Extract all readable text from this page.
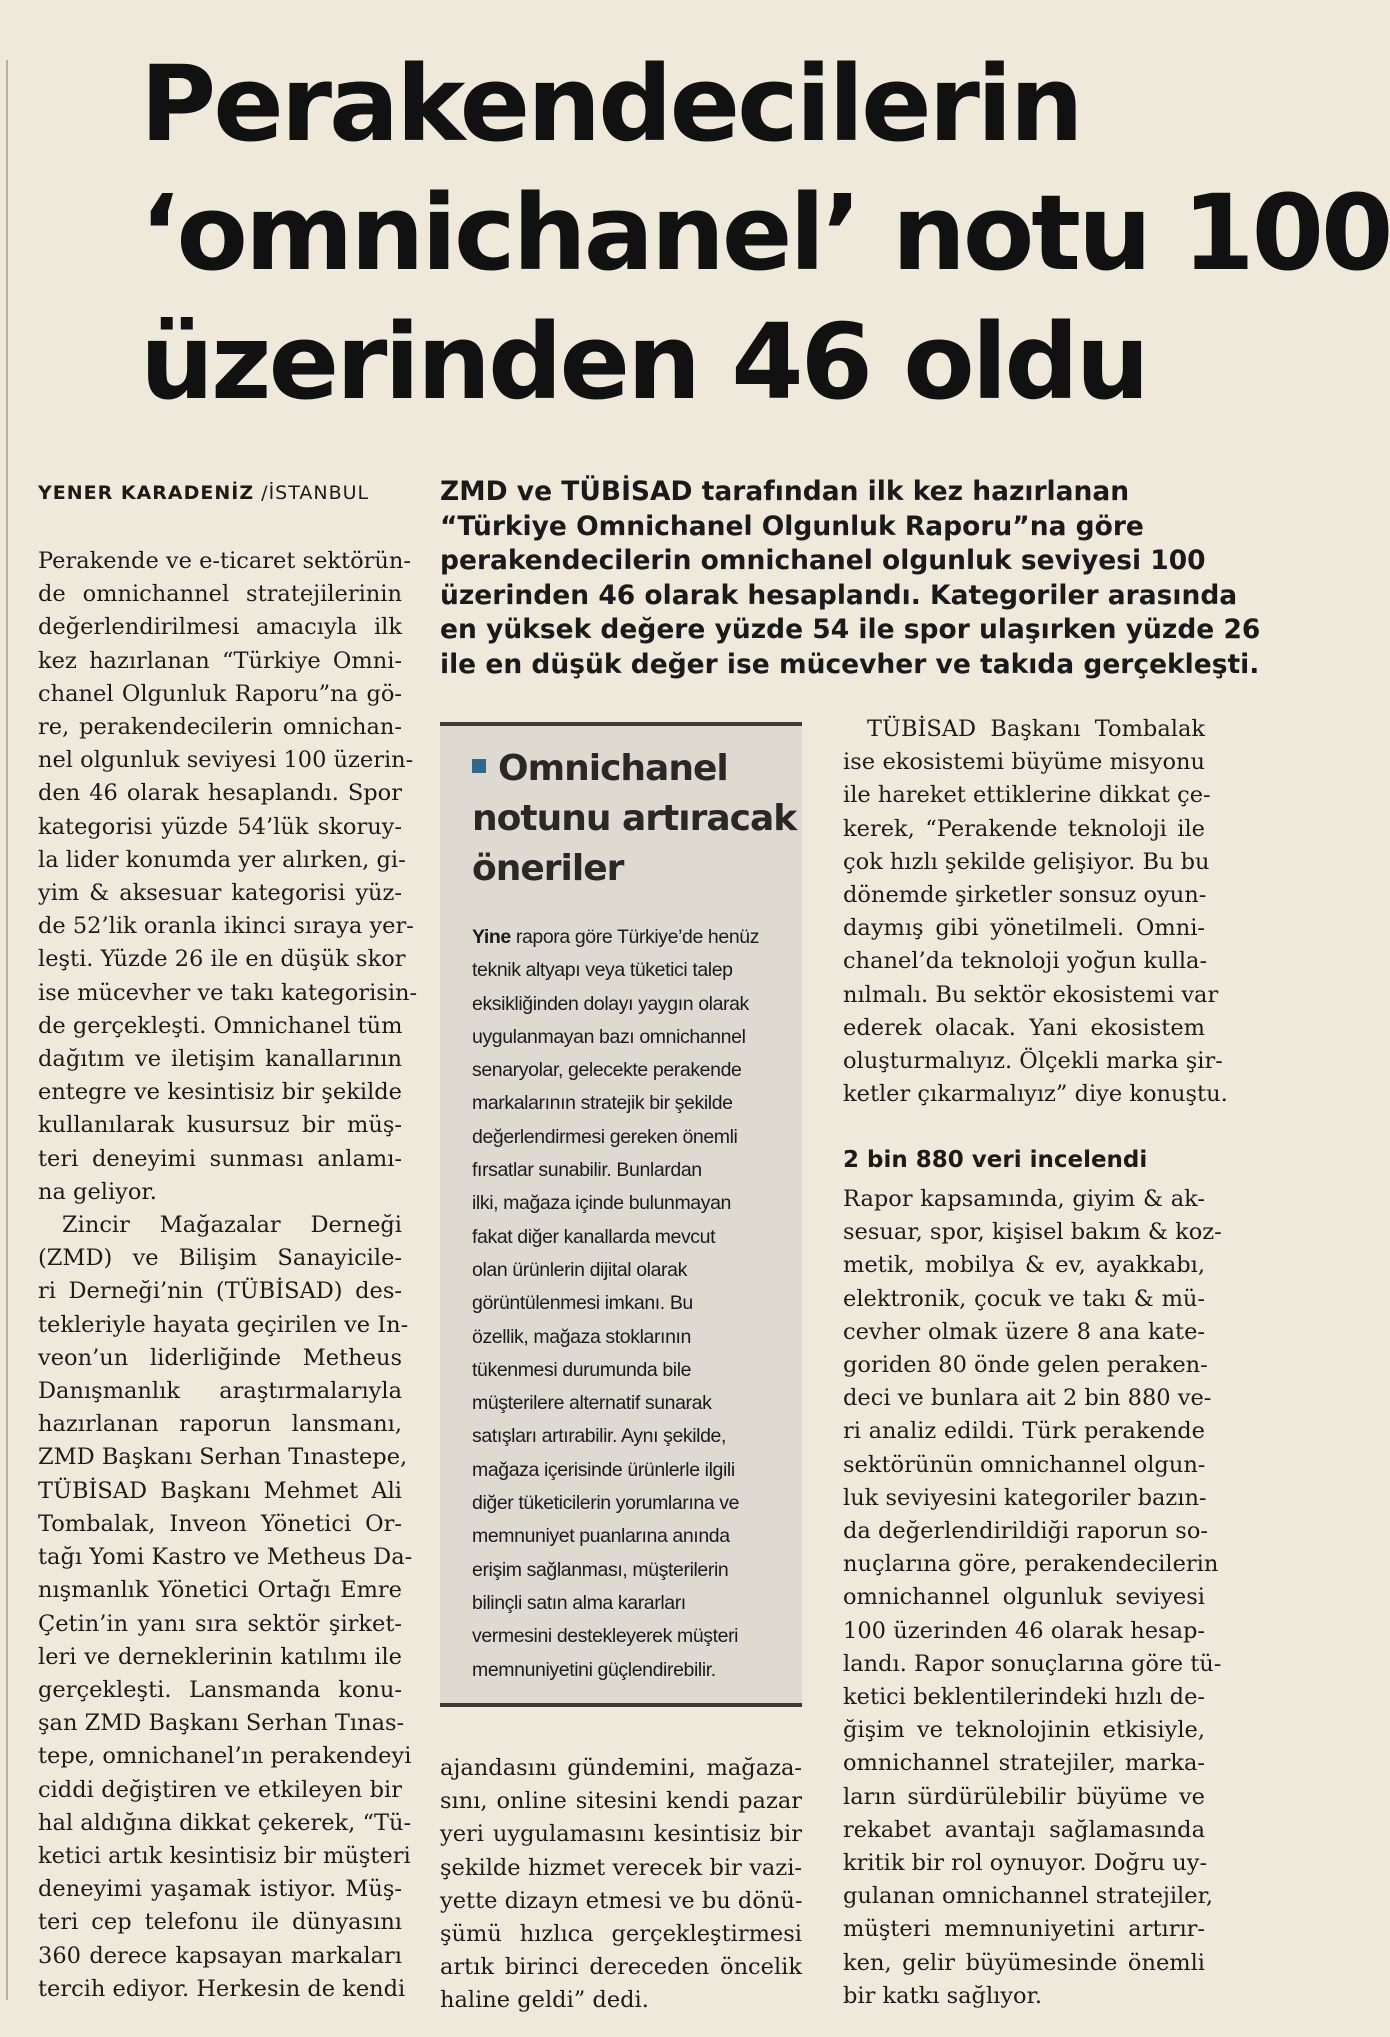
Perakendecilerin
‘omnichanel’ notu 100
üzerinden 46 oldu
YENER KARADENİZ /İSTANBUL	ZMD ve TÜBİSAD tarafından ilk kez hazırlanan
“Türkiye Omnichanel Olgunluk Raporu”na göre
perakendecilerin omnichanel olgunluk seviyesi 100
üzerinden 46 olarak hesaplandı. Kategoriler arasında
en yüksek değere yüzde 54 ile spor ulaşırken yüzde 26
ile en düşük değer ise mücevher ve takıda gerçekleşti.
Perakende ve e-ticaret sektörün-
de omnichannel stratejilerinin
değerlendirilmesi amacıyla ilk
kez hazırlanan “Türkiye Omni-
chanel Olgunluk Raporu”na gö-
re, perakendecilerin omnichan-
nel olgunluk seviyesi 100 üzerin-
den 46 olarak hesaplandı. Spor
kategorisi yüzde 54’lük skoruy-
la lider konumda yer alırken, gi-
yim & aksesuar kategorisi yüz-
de 52’lik oranla ikinci sıraya yer-
leşti. Yüzde 26 ile en düşük skor
ise mücevher ve takı kategorisin-
de gerçekleşti. Omnichanel tüm
dağıtım ve iletişim kanallarının
entegre ve kesintisiz bir şekilde
kullanılarak kusursuz bir müş-
teri deneyimi sunması anlamı-
na geliyor.
Zincir Mağazalar Derneği
(ZMD) ve Bilişim Sanayicile-
ri Derneği’nin (TÜBİSAD) des-
tekleriyle hayata geçirilen ve In-
veon’un liderliğinde Metheus
Danışmanlık araştırmalarıyla
hazırlanan raporun lansmanı,
ZMD Başkanı Serhan Tınastepe,
TÜBİSAD Başkanı Mehmet Ali
Tombalak, Inveon Yönetici Or-
tağı Yomi Kastro ve Metheus Da-
nışmanlık Yönetici Ortağı Emre
Çetin’in yanı sıra sektör şirket-
leri ve derneklerinin katılımı ile
gerçekleşti. Lansmanda konu-
şan ZMD Başkanı Serhan Tınas-
tepe, omnichanel’ın perakendeyi
ciddi değiştiren ve etkileyen bir
hal aldığına dikkat çekerek, “Tü-
ketici artık kesintisiz bir müşteri
deneyimi yaşamak istiyor. Müş-
teri cep telefonu ile dünyasını
360 derece kapsayan markaları
tercih ediyor. Herkesin de kendi
Omnichanel
notunu artıracak
öneriler
Yine rapora göre Türkiye’de henüz
teknik altyapı veya tüketici talep
eksikliğinden dolayı yaygın olarak
uygulanmayan bazı omnichannel
senaryolar, gelecekte perakende
markalarının stratejik bir şekilde
değerlendirmesi gereken önemli
fırsatlar sunabilir. Bunlardan
ilki, mağaza içinde bulunmayan
fakat diğer kanallarda mevcut
olan ürünlerin dijital olarak
görüntülenmesi imkanı. Bu
özellik, mağaza stoklarının
tükenmesi durumunda bile
müşterilere alternatif sunarak
satışları artırabilir. Aynı şekilde,
mağaza içerisinde ürünlerle ilgili
diğer tüketicilerin yorumlarına ve
memnuniyet puanlarına anında
erişim sağlanması, müşterilerin
bilinçli satın alma kararları
vermesini destekleyerek müşteri
memnuniyetini güçlendirebilir.
ajandasını gündemini, mağaza-
sını, online sitesini kendi pazar
yeri uygulamasını kesintisiz bir
şekilde hizmet verecek bir vazi-
yette dizayn etmesi ve bu dönü-
şümü hızlıca gerçekleştirmesi
artık birinci dereceden öncelik
haline geldi” dedi.
TÜBİSAD Başkanı Tombalak
ise ekosistemi büyüme misyonu
ile hareket ettiklerine dikkat çe-
kerek, “Perakende teknoloji ile
çok hızlı şekilde gelişiyor. Bu bu
dönemde şirketler sonsuz oyun-
daymış gibi yönetilmeli. Omni-
chanel’da teknoloji yoğun kulla-
nılmalı. Bu sektör ekosistemi var
ederek olacak. Yani ekosistem
oluşturmalıyız. Ölçekli marka şir-
ketler çıkarmalıyız” diye konuştu.
2 bin 880 veri incelendi
Rapor kapsamında, giyim & ak-
sesuar, spor, kişisel bakım & koz-
metik, mobilya & ev, ayakkabı,
elektronik, çocuk ve takı & mü-
cevher olmak üzere 8 ana kate-
goriden 80 önde gelen peraken-
deci ve bunlara ait 2 bin 880 ve-
ri analiz edildi. Türk perakende
sektörünün omnichannel olgun-
luk seviyesini kategoriler bazın-
da değerlendirildiği raporun so-
nuçlarına göre, perakendecilerin
omnichannel olgunluk seviyesi
100 üzerinden 46 olarak hesap-
landı. Rapor sonuçlarına göre tü-
ketici beklentilerindeki hızlı de-
ğişim ve teknolojinin etkisiyle,
omnichannel stratejiler, marka-
ların sürdürülebilir büyüme ve
rekabet avantajı sağlamasında
kritik bir rol oynuyor. Doğru uy-
gulanan omnichannel stratejiler,
müşteri memnuniyetini artırır-
ken, gelir büyümesinde önemli
bir katkı sağlıyor.
